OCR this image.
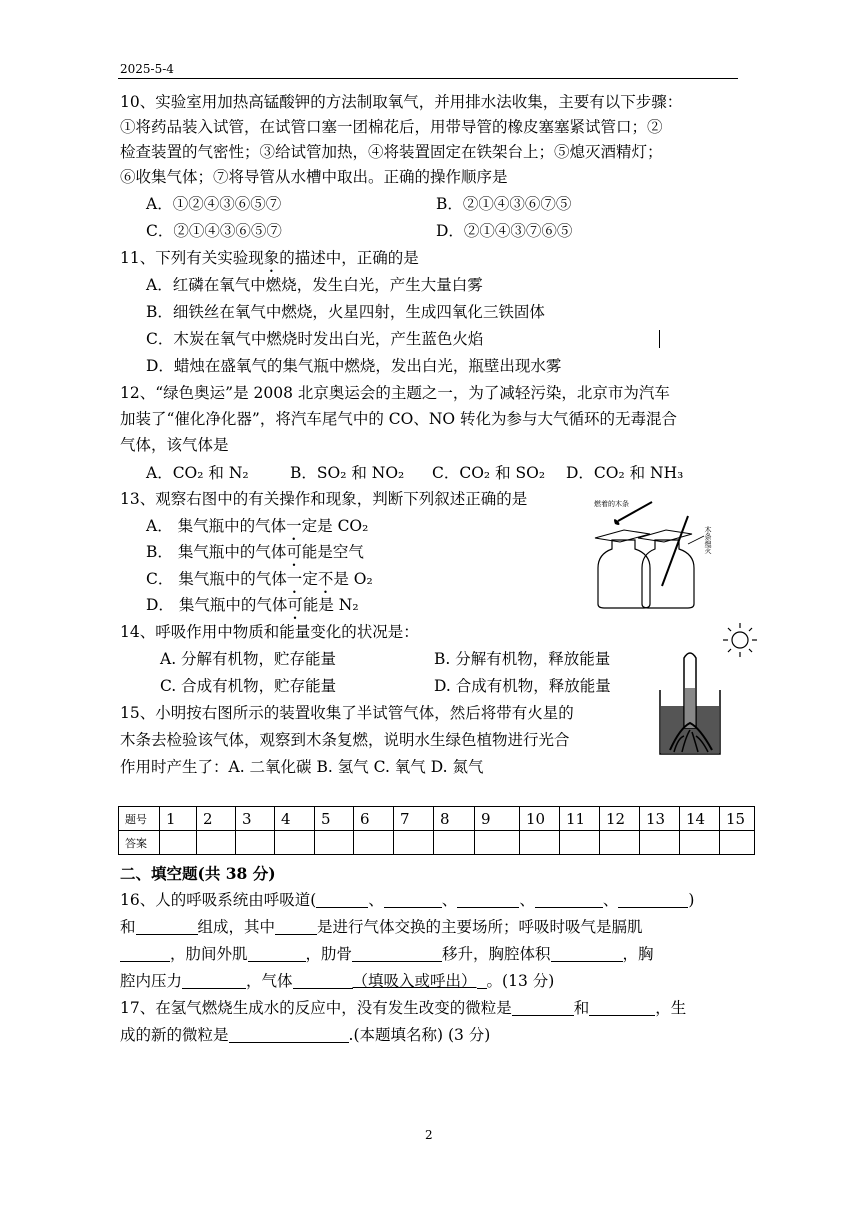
2025-5-4
10、实验室用加热高锰酸钾的方法制取氧气，并用排水法收集，主要有以下步骤：
①将药品装入试管，在试管口塞一团棉花后，用带导管的橡皮塞塞紧试管口；②
检查装置的气密性；③给试管加热，④将装置固定在铁架台上；⑤熄灭酒精灯；
⑥收集气体；⑦将导管从水槽中取出。正确的操作顺序是
A．①②④③⑥⑤⑦	B．②①④③⑥⑦⑤
C．②①④③⑥⑤⑦	D．②①④③⑦⑥⑤
11、下列有关实验现象的描述中，正确的是
A．红磷在氧气中燃烧，发生白光，产生大量白雾
B．细铁丝在氧气中燃烧，火星四射，生成四氧化三铁固体
C．木炭在氧气中燃烧时发出白光，产生蓝色火焰
D．蜡烛在盛氧气的集气瓶中燃烧，发出白光，瓶壁出现水雾
12、“绿色奥运”是 2008 北京奥运会的主题之一，为了减轻污染，北京市为汽车
加装了“催化净化器”，将汽车尾气中的 CO、NO 转化为参与大气循环的无毒混合
气体，该气体是
A．CO₂ 和 N₂	B．SO₂ 和 NO₂ C．CO₂ 和 SO₂ D．CO₂ 和 NH₃
13、观察右图中的有关操作和现象，判断下列叙述正确的是
A． 集气瓶中的气体一定是 CO₂
B． 集气瓶中的气体可能是空气
C． 集气瓶中的气体一定不是 O₂
D． 集气瓶中的气体可能是 N₂
燃着的木条
木条熄灭
14、呼吸作用中物质和能量变化的状况是：
A. 分解有机物，贮存能量	B. 分解有机物，释放能量
C. 合成有机物，贮存能量	D. 合成有机物，释放能量
15、小明按右图所示的装置收集了半试管气体，然后将带有火星的
木条去检验该气体，观察到木条复燃，说明水生绿色植物进行光合
作用时产生了：A. 二氧化碳 B. 氢气 C. 氧气 D. 氮气
题号	1	2	3	4	5	6	7	8	9	10	11	12	13	14	15
答案															
二、填空题(共 38 分)
16、人的呼吸系统由呼吸道(	、	、	、	、	)
和	组成，其中	是进行气体交换的主要场所；呼吸时吸气是膈肌
，肋间外肌	，肋骨	移升，胸腔体积	，胸
腔内压力	，气体	（填吸入或呼出） 。(13 分)
17、在氢气燃烧生成水的反应中，没有发生改变的微粒是	和	，生
成的新的微粒是	.(本题填名称) (3 分)
2
